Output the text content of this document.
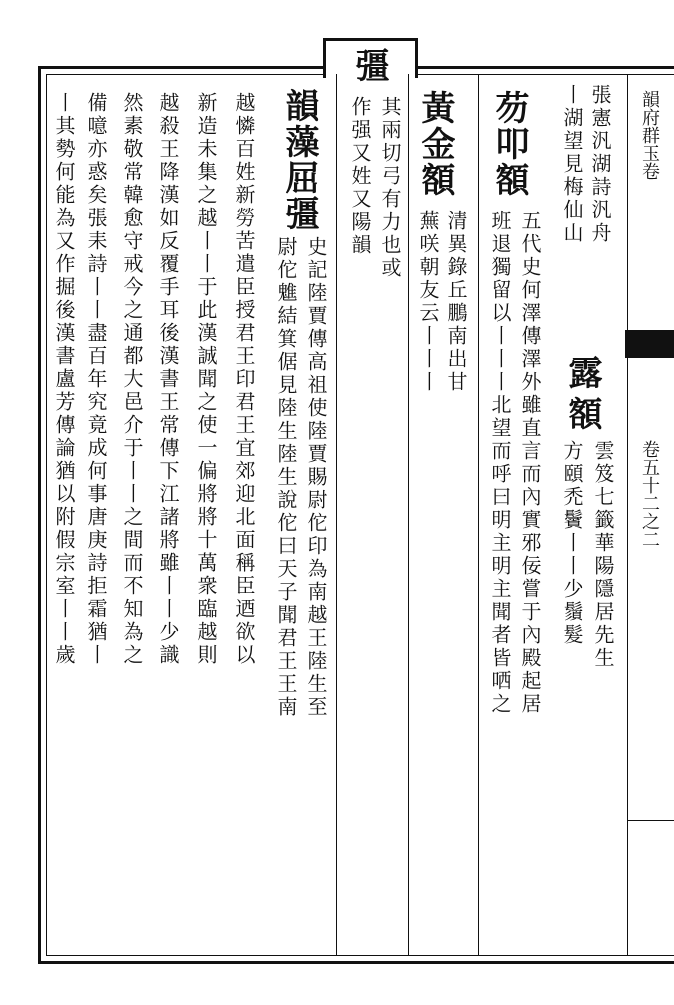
韻府群玉卷
卷五十二之二
張憲汎湖詩汎舟
丨湖望見梅仙山
露
額
雲笈七籤華陽隱居先生
方頤禿鬢丨丨少鬚髮
芴叩額
五代史何澤傳澤外雖直言而內實邪佞嘗于內殿起居
班退獨留以丨丨丨北望而呼曰明主明主聞者皆哂之
黃金額
清異錄丘鵬南出甘
蕪咲朝友云丨丨丨
彊
其兩切弓有力也或
作强又姓又陽韻
韻藻屈彊
史記陸賈傳高祖使陸賈賜尉佗印為南越王陸生至
尉佗魋結箕倨見陸生陸生說佗曰天子聞君王王南
越憐百姓新勞苦遣臣授君王印君王宜郊迎北面稱臣迺欲以
新造未集之越丨丨于此漢誠聞之使一偏將將十萬衆臨越則
越殺王降漢如反覆手耳後漢書王常傳下江諸將雖丨丨少識
然素敬常韓愈守戒今之通都大邑介于丨丨之間而不知為之
備噫亦惑矣張耒詩丨丨盡百年究竟成何事唐庚詩拒霜猶丨
丨其勢何能為又作掘後漢書盧芳傳論猶以附假宗室丨丨歲
